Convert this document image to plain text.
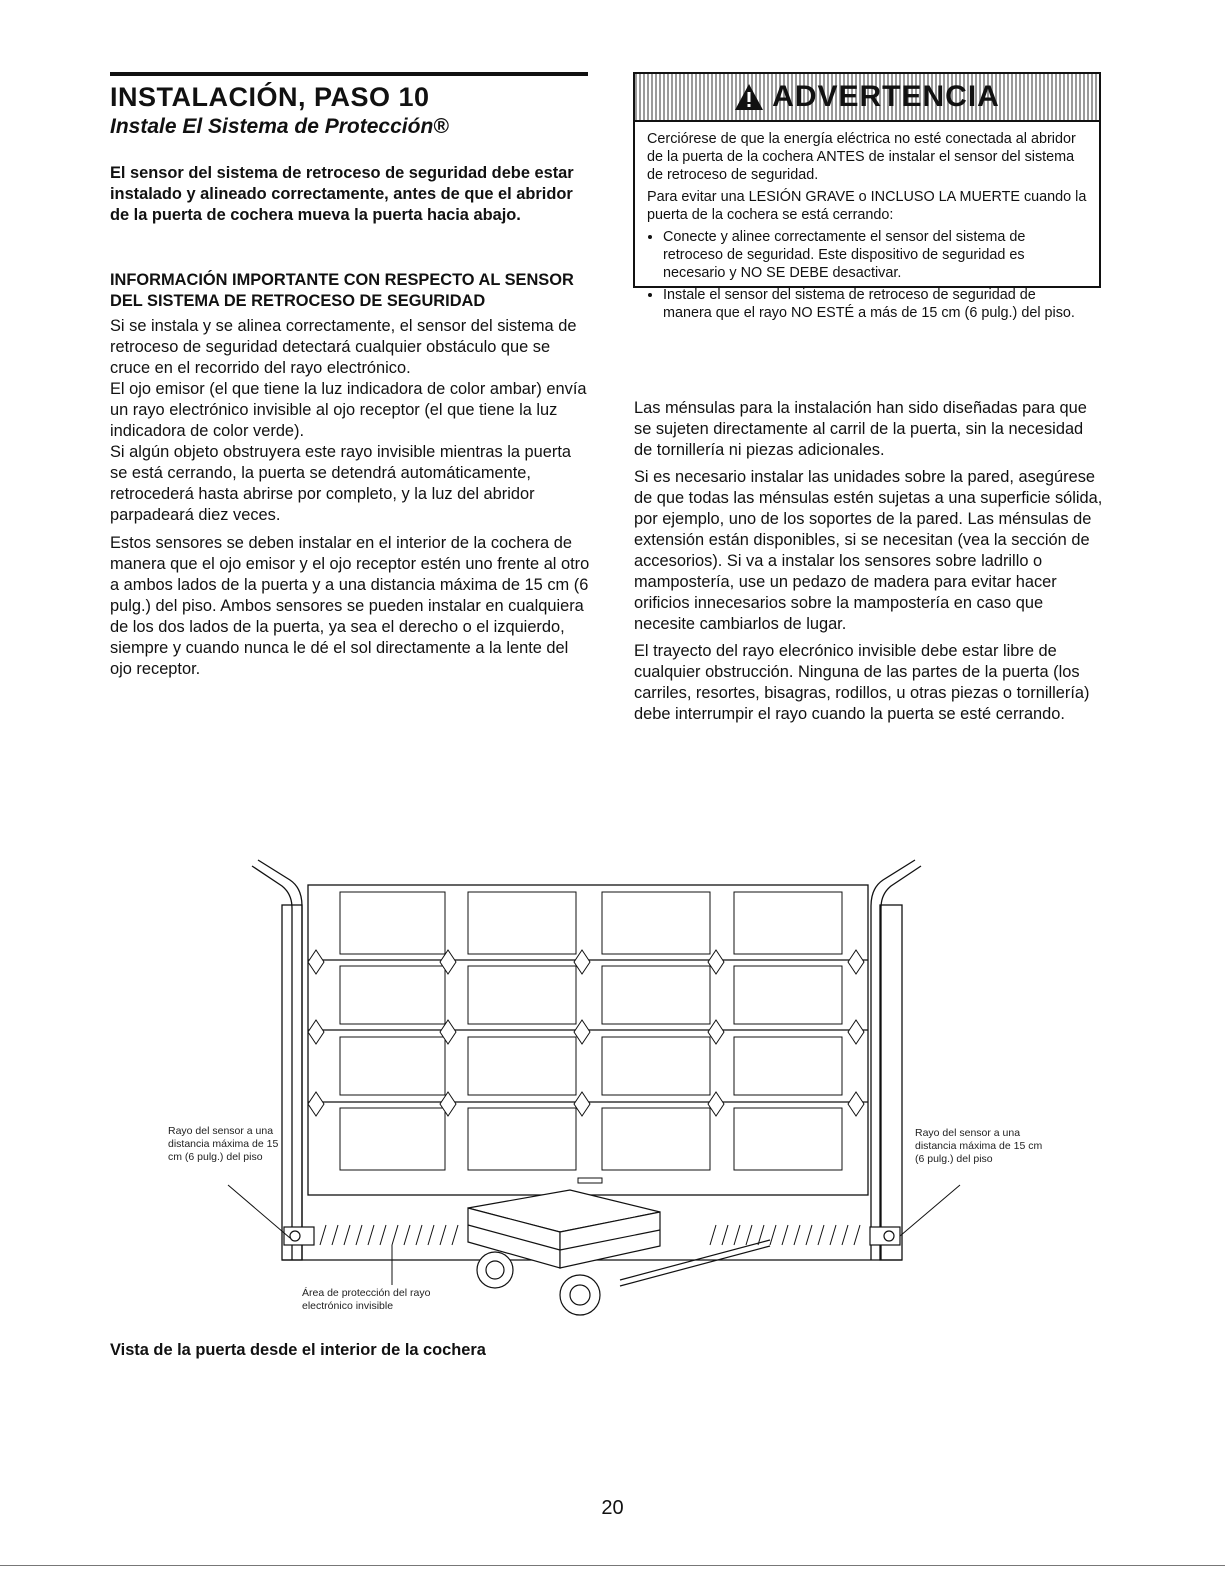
INSTALACIÓN, PASO 10
Instale El Sistema de Protección®

El sensor del sistema de retroceso de seguridad debe estar instalado y alineado correctamente, antes de que el abridor de la puerta de cochera mueva la puerta hacia abajo.

INFORMACIÓN IMPORTANTE CON RESPECTO AL SENSOR DEL SISTEMA DE RETROCESO DE SEGURIDAD

Si se instala y se alinea correctamente, el sensor del sistema de retroceso de seguridad detectará cualquier obstáculo que se cruce en el recorrido del rayo electrónico.

El ojo emisor (el que tiene la luz indicadora de color ambar) envía un rayo electrónico invisible al ojo receptor (el que tiene la luz indicadora de color verde).

Si algún objeto obstruyera este rayo invisible mientras la puerta se está cerrando, la puerta se detendrá automáticamente, retrocederá hasta abrirse por completo, y la luz del abridor parpadeará diez veces.

Estos sensores se deben instalar en el interior de la cochera de manera que el ojo emisor y el ojo receptor estén uno frente al otro a ambos lados de la puerta y a una distancia máxima de 15 cm (6 pulg.) del piso. Ambos sensores se pueden instalar en cualquiera de los dos lados de la puerta, ya sea el derecho o el izquierdo, siempre y cuando nunca le dé el sol directamente a la lente del ojo receptor.

ADVERTENCIA

Cerciórese de que la energía eléctrica no esté conectada al abridor de la puerta de la cochera ANTES de instalar el sensor del sistema de retroceso de seguridad.

Para evitar una LESIÓN GRAVE o INCLUSO LA MUERTE cuando la puerta de la cochera se está cerrando:

• Conecte y alinee correctamente el sensor del sistema de retroceso de seguridad. Este dispositivo de seguridad es necesario y NO SE DEBE desactivar.
• Instale el sensor del sistema de retroceso de seguridad de manera que el rayo NO ESTÉ a más de 15 cm (6 pulg.) del piso.

Las ménsulas para la instalación han sido diseñadas para que se sujeten directamente al carril de la puerta, sin la necesidad de tornillería ni piezas adicionales.

Si es necesario instalar las unidades sobre la pared, asegúrese de que todas las ménsulas estén sujetas a una superficie sólida, por ejemplo, uno de los soportes de la pared. Las ménsulas de extensión están disponibles, si se necesitan (vea la sección de accesorios). Si va a instalar los sensores sobre ladrillo o mampostería, use un pedazo de madera para evitar hacer orificios innecesarios sobre la mampostería en caso que necesite cambiarlos de lugar.

El trayecto del rayo elecrónico invisible debe estar libre de cualquier obstrucción. Ninguna de las partes de la puerta (los carriles, resortes, bisagras, rodillos, u otras piezas o tornillería) debe interrumpir el rayo cuando la puerta se esté cerrando.

Rayo del sensor a una distancia máxima de 15 cm (6 pulg.) del piso
Rayo del sensor a una distancia máxima de 15 cm (6 pulg.) del piso
Área de protección del rayo electrónico invisible
Vista de la puerta desde el interior de la cochera
20
